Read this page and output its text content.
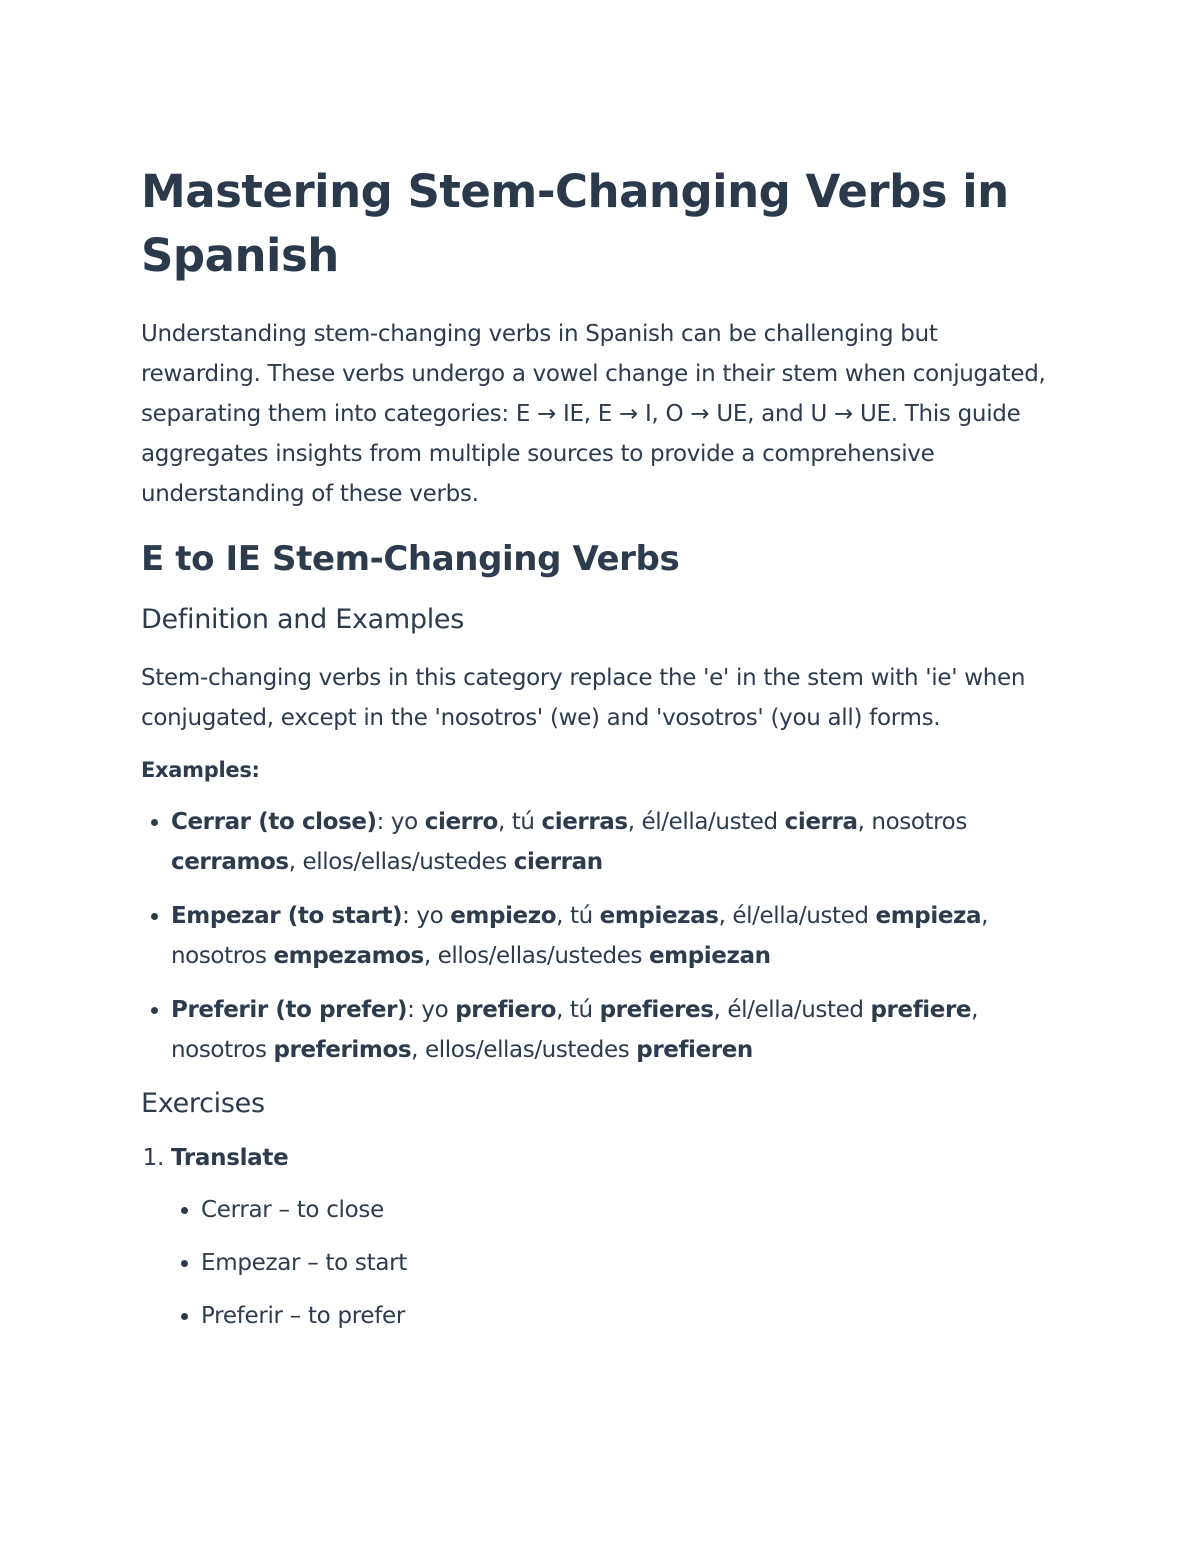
Mastering Stem-Changing Verbs in Spanish

Understanding stem-changing verbs in Spanish can be challenging but rewarding. These verbs undergo a vowel change in their stem when conjugated, separating them into categories: E → IE, E → I, O → UE, and U → UE. This guide aggregates insights from multiple sources to provide a comprehensive understanding of these verbs.

E to IE Stem-Changing Verbs
Definition and Examples

Stem-changing verbs in this category replace the 'e' in the stem with 'ie' when conjugated, except in the 'nosotros' (we) and 'vosotros' (you all) forms.

Examples:
• Cerrar (to close): yo cierro, tú cierras, él/ella/usted cierra, nosotros cerramos, ellos/ellas/ustedes cierran
• Empezar (to start): yo empiezo, tú empiezas, él/ella/usted empieza, nosotros empezamos, ellos/ellas/ustedes empiezan
• Preferir (to prefer): yo prefiero, tú prefieres, él/ella/usted prefiere, nosotros preferimos, ellos/ellas/ustedes prefieren
Exercises
1. Translate
• Cerrar – to close
• Empezar – to start
• Preferir – to prefer
